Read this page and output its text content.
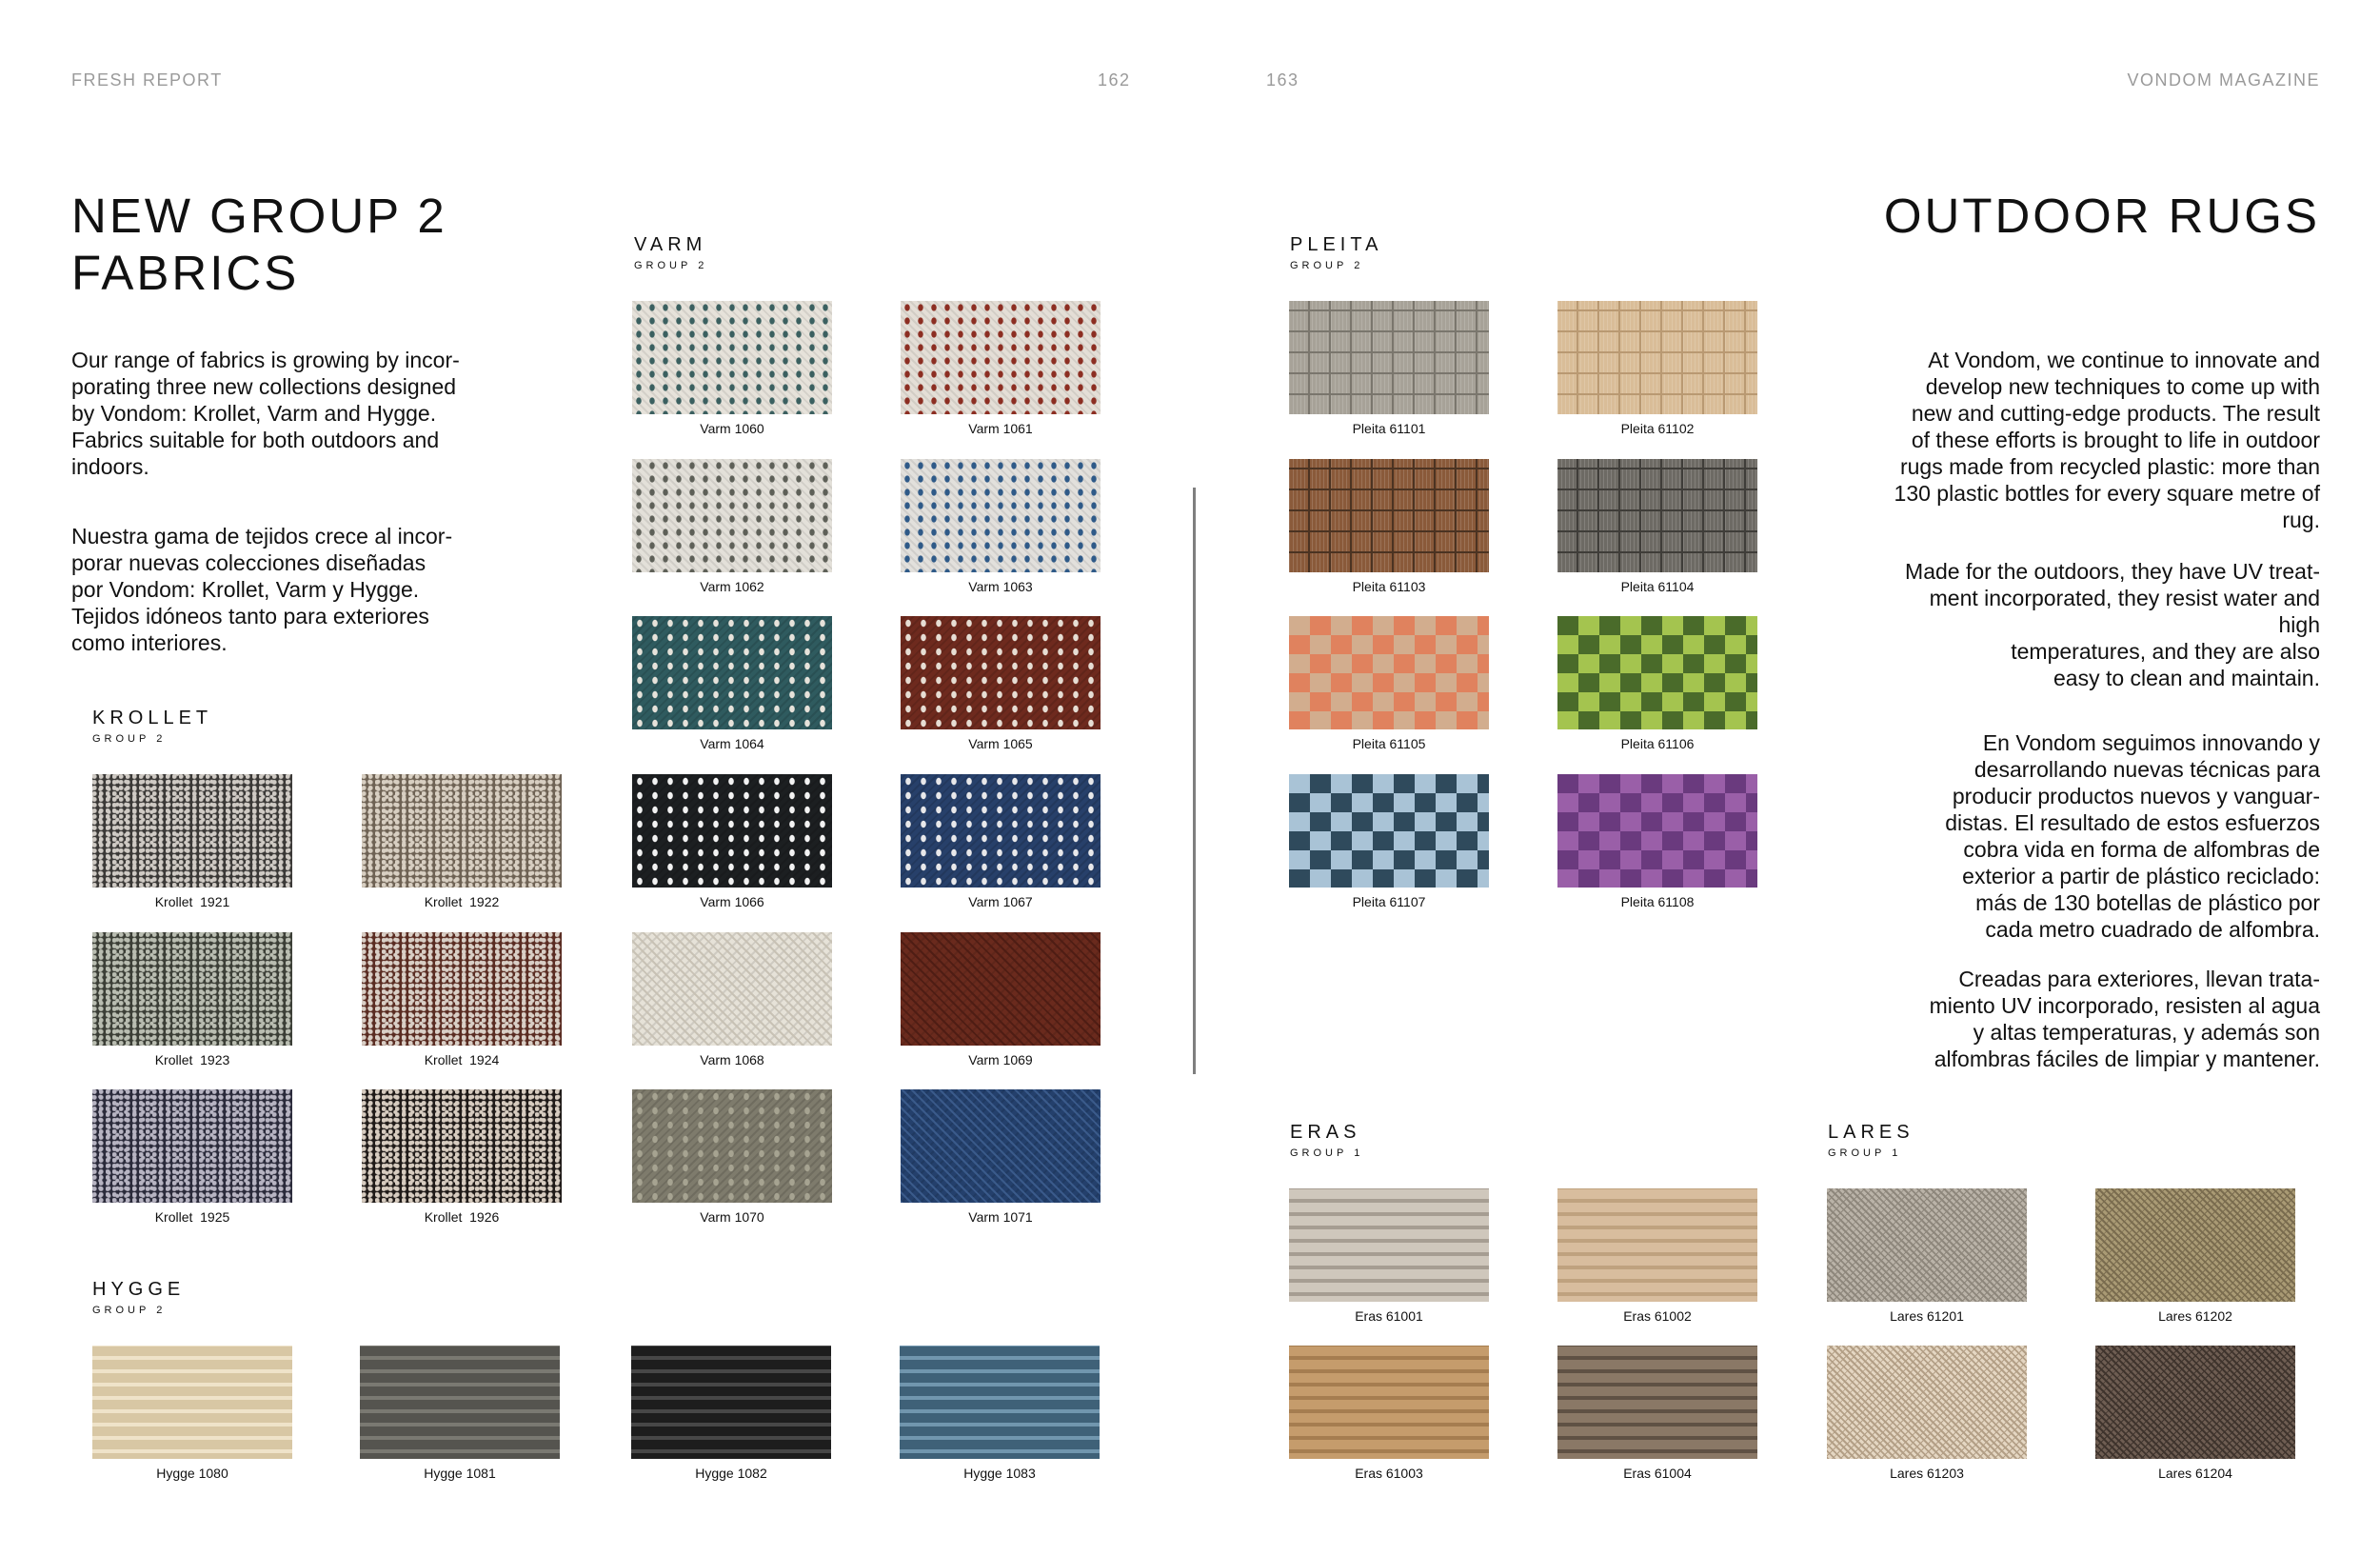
FRESH REPORT	162	163	VONDOM MAGAZINE
NEW GROUP 2
FABRICS

Our range of fabrics is growing by incor-

porating three new collections designed

by Vondom: Krollet, Varm and Hygge.

Fabrics suitable for both outdoors and

indoors.

Nuestra gama de tejidos crece al incor-

porar nuevas colecciones diseñadas

por Vondom: Krollet, Varm y Hygge.

Tejidos idóneos tanto para exteriores

como interiores.

OUTDOOR RUGS

At Vondom, we continue to innovate and

develop new techniques to come up with

new and cutting-edge products. The result

of these efforts is brought to life in outdoor

rugs made from recycled plastic: more than

130 plastic bottles for every square metre of

rug.

Made for the outdoors, they have UV treat-

ment incorporated, they resist water and

high

temperatures, and they are also

easy to clean and maintain.

En Vondom seguimos innovando y

desarrollando nuevas técnicas para

producir productos nuevos y vanguar-

distas. El resultado de estos esfuerzos

cobra vida en forma de alfombras de

exterior a partir de plástico reciclado:

más de 130 botellas de plástico por

cada metro cuadrado de alfombra.

Creadas para exteriores, llevan trata-

miento UV incorporado, resisten al agua

y altas temperaturas, y además son

alfombras fáciles de limpiar y mantener.

KROLLET
GROUP 2
HYGGE
GROUP 2
VARM
GROUP 2
PLEITA
GROUP 2
ERAS
GROUP 1
LARES
GROUP 1
Krollet  1921	Krollet  1922
Krollet  1923	Krollet  1924
Krollet  1925	Krollet  1926
Hygge 1080	Hygge 1081	Hygge 1082	Hygge 1083
Varm 1060	Varm 1061
Varm 1062	Varm 1063
Varm 1064	Varm 1065
Varm 1066	Varm 1067
Varm 1068	Varm 1069
Varm 1070	Varm 1071
Pleita 61101	Pleita 61102
Pleita 61103	Pleita 61104
Pleita 61105	Pleita 61106
Pleita 61107	Pleita 61108
Eras 61001	Eras 61002
Eras 61003	Eras 61004
Lares 61201	Lares 61202
Lares 61203	Lares 61204
